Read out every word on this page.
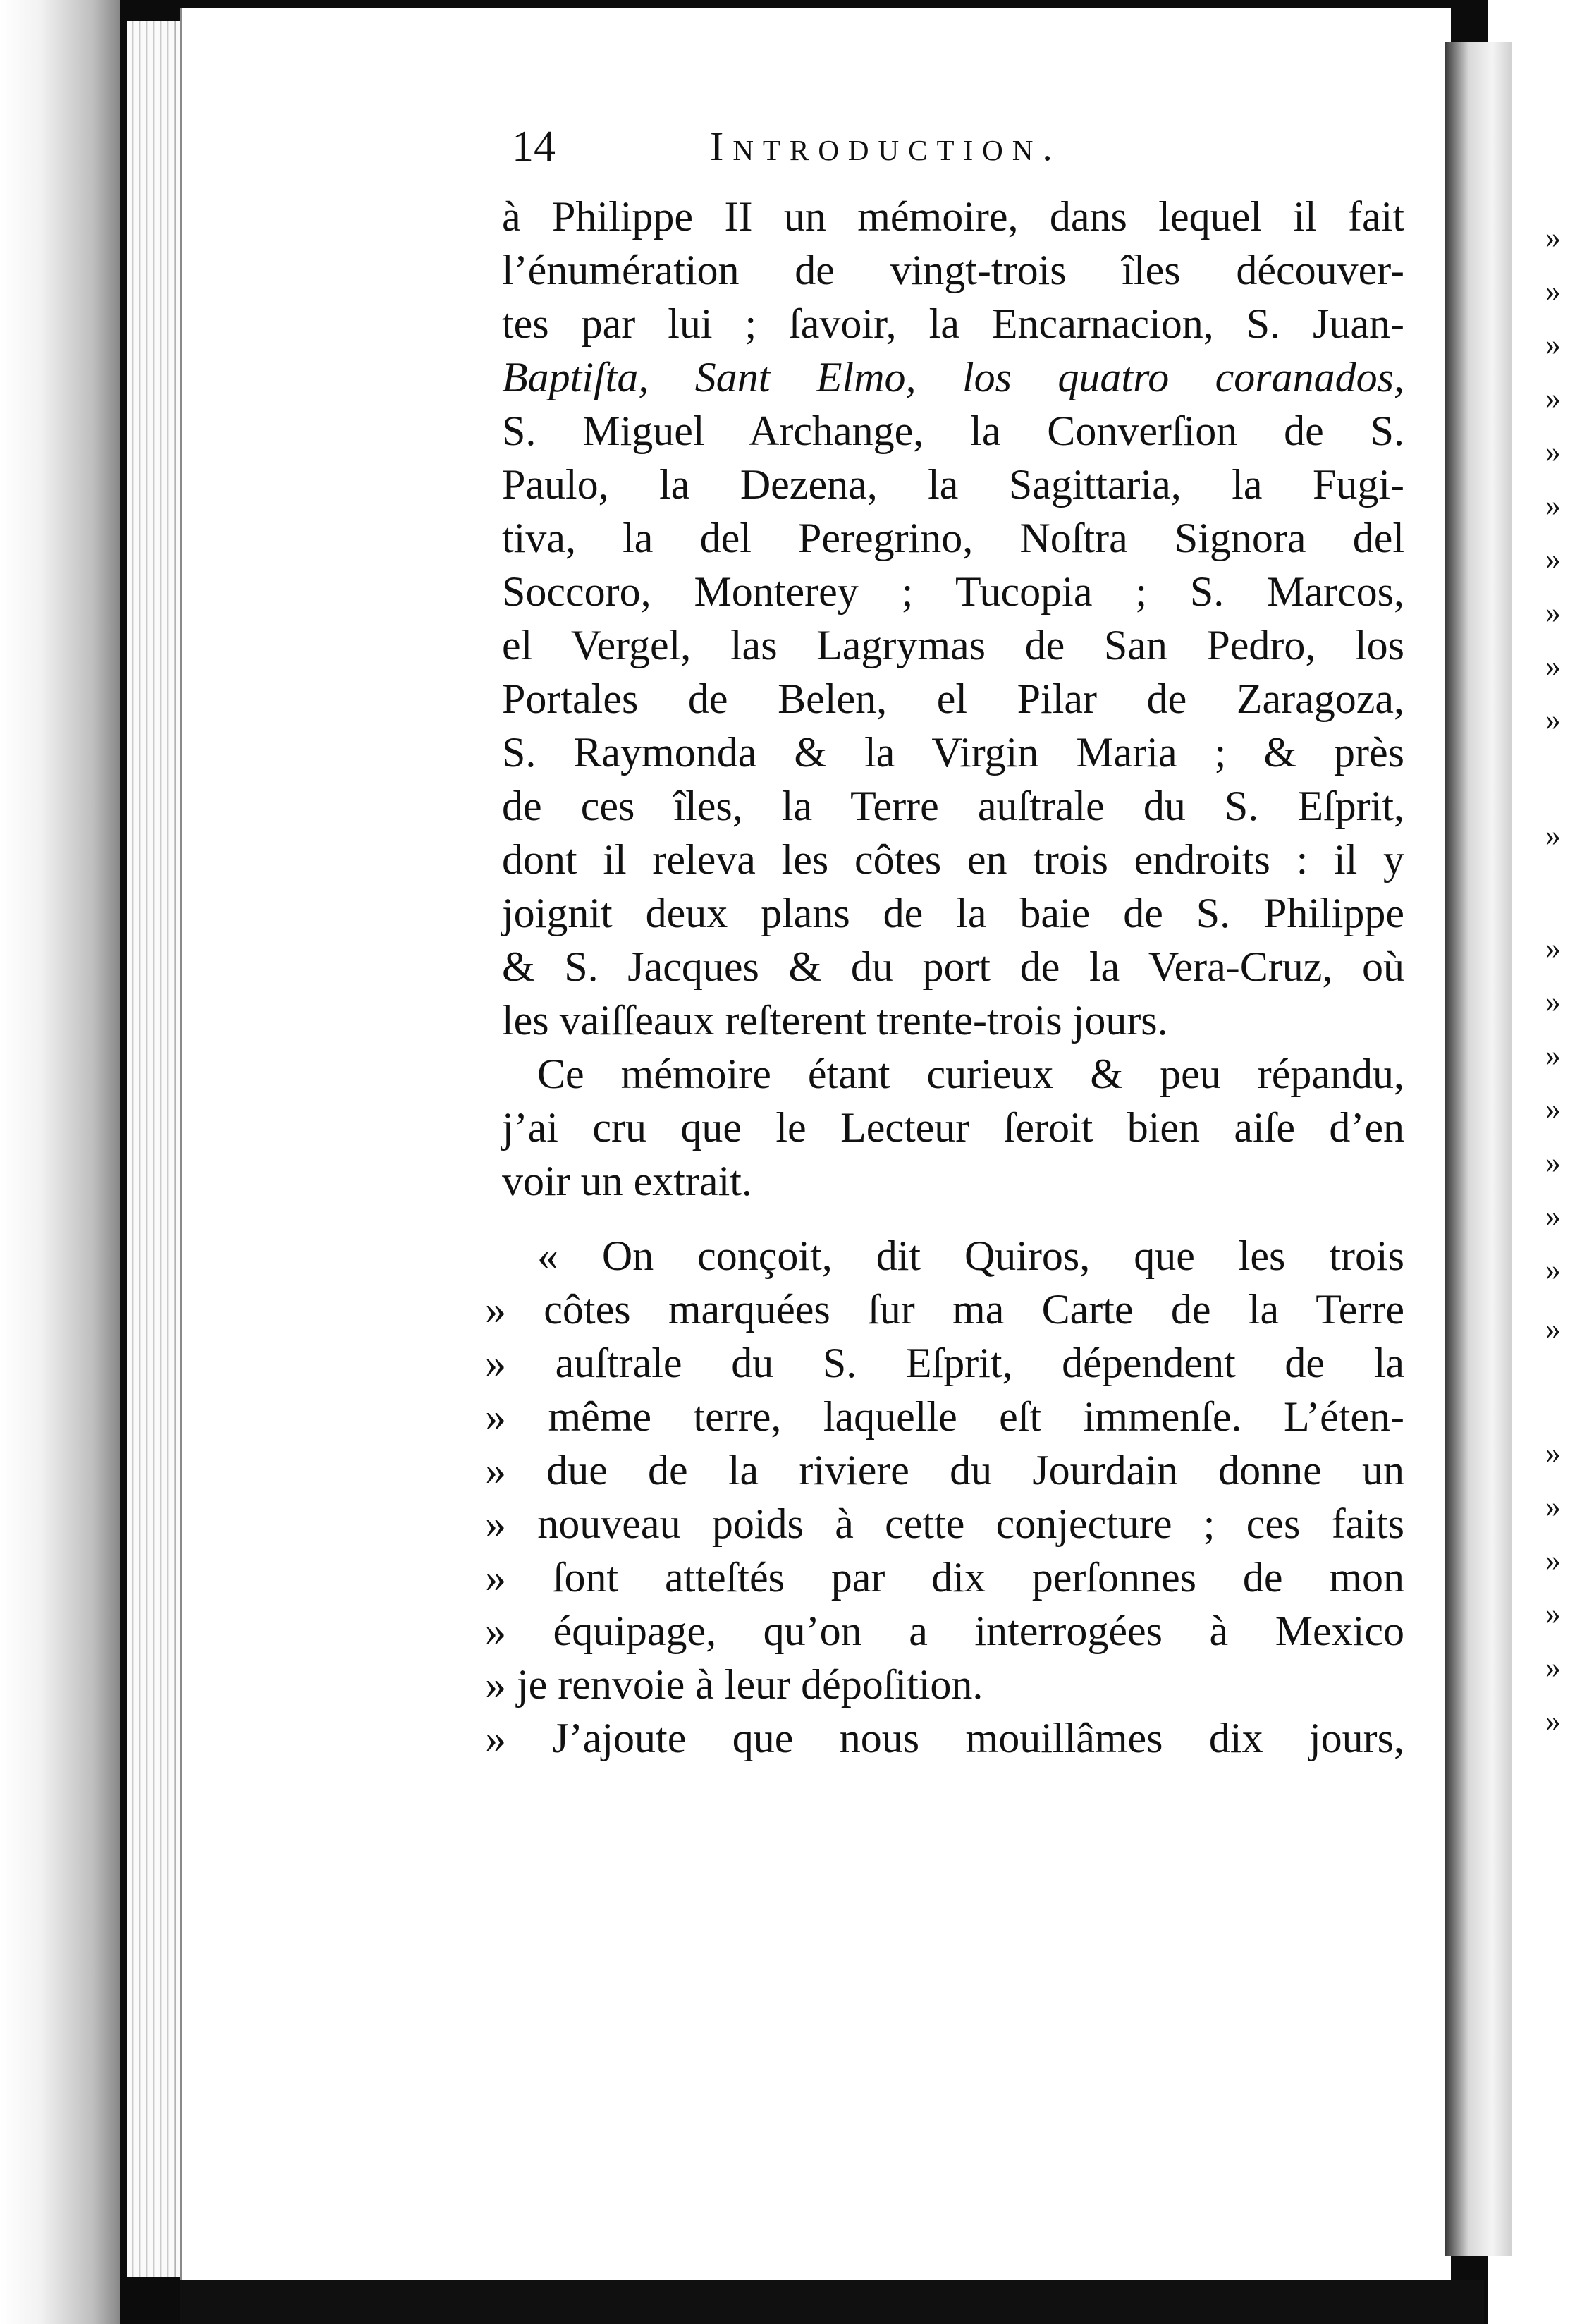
14	Introduction.
à Philippe II un mémoire, dans lequel il fait
l’énumération de vingt-trois îles découver-
tes par lui ; ſavoir, la Encarnacion, S. Juan-
Baptiſta, Sant Elmo, los quatro coranados,
S. Miguel Archange, la Converſion de S.
Paulo, la Dezena, la Sagittaria, la Fugi-
tiva, la del Peregrino, Noſtra Signora del
Soccoro, Monterey ; Tucopia ; S. Marcos,
el Vergel, las Lagrymas de San Pedro, los
Portales de Belen, el Pilar de Zaragoza,
S. Raymonda & la Virgin Maria ; & près
de ces îles, la Terre auſtrale du S. Eſprit,
dont il releva les côtes en trois endroits : il y
joignit deux plans de la baie de S. Philippe
& S. Jacques & du port de la Vera-Cruz, où
les vaiſſeaux reſterent trente-trois jours.
Ce mémoire étant curieux & peu répandu,
j’ai cru que le Lecteur ſeroit bien aiſe d’en
voir un extrait.
« On conçoit, dit Quiros, que les trois
» côtes marquées ſur ma Carte de la Terre
» auſtrale du S. Eſprit, dépendent de la
» même terre, laquelle eſt immenſe. L’éten-
» due de la riviere du Jourdain donne un
» nouveau poids à cette conjecture ; ces faits
» ſont atteſtés par dix perſonnes de mon
» équipage, qu’on a interrogées à Mexico
» je renvoie à leur dépoſition.
» J’ajoute que nous mouillâmes dix jours,
»
»
»
»
»
»
»
»
»
»
»
»
»
»
»
»
»
»
»
»
»
»
»
»
»
